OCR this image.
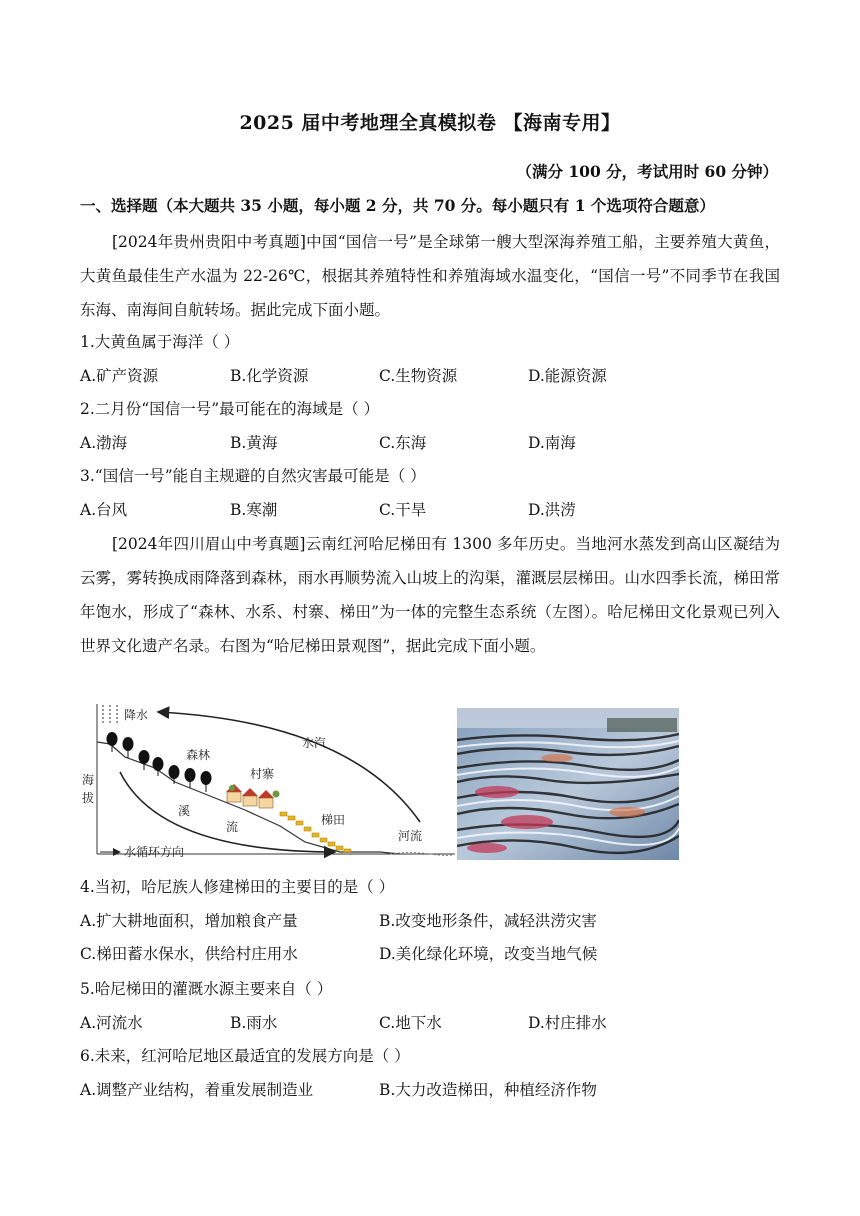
2025 届中考地理全真模拟卷 【海南专用】
（满分 100 分，考试用时 60 分钟）
一、选择题（本大题共 35 小题，每小题 2 分，共 70 分。每小题只有 1 个选项符合题意）
[2024年贵州贵阳中考真题]中国“国信一号”是全球第一艘大型深海养殖工船，主要养殖大黄鱼，大黄鱼最佳生产水温为 22-26℃，根据其养殖特性和养殖海域水温变化，“国信一号”不同季节在我国东海、南海间自航转场。据此完成下面小题。
1.大黄鱼属于海洋（ ）
A.矿产资源	B.化学资源	C.生物资源	D.能源资源
2.二月份“国信一号”最可能在的海域是（ ）
A.渤海	B.黄海	C.东海	D.南海
3.“国信一号”能自主规避的自然灾害最可能是（ ）
A.台风	B.寒潮	C.干旱	D.洪涝
[2024年四川眉山中考真题]云南红河哈尼梯田有 1300 多年历史。当地河水蒸发到高山区凝结为云雾，雾转换成雨降落到森林，雨水再顺势流入山坡上的沟渠，灌溉层层梯田。山水四季长流，梯田常年饱水，形成了“森林、水系、村寨、梯田”为一体的完整生态系统（左图）。哈尼梯田文化景观已列入世界文化遗产名录。右图为“哈尼梯田景观图”，据此完成下面小题。
降水
水汽
森林
村寨
梯田
溪
流
河流
海
拔
水循环方向
4.当初，哈尼族人修建梯田的主要目的是（ ）
A.扩大耕地面积，增加粮食产量	B.改变地形条件，减轻洪涝灾害
C.梯田蓄水保水，供给村庄用水	D.美化绿化环境，改变当地气候
5.哈尼梯田的灌溉水源主要来自（ ）
A.河流水	B.雨水	C.地下水	D.村庄排水
6.未来，红河哈尼地区最适宜的发展方向是（ ）
A.调整产业结构，着重发展制造业	B.大力改造梯田，种植经济作物
